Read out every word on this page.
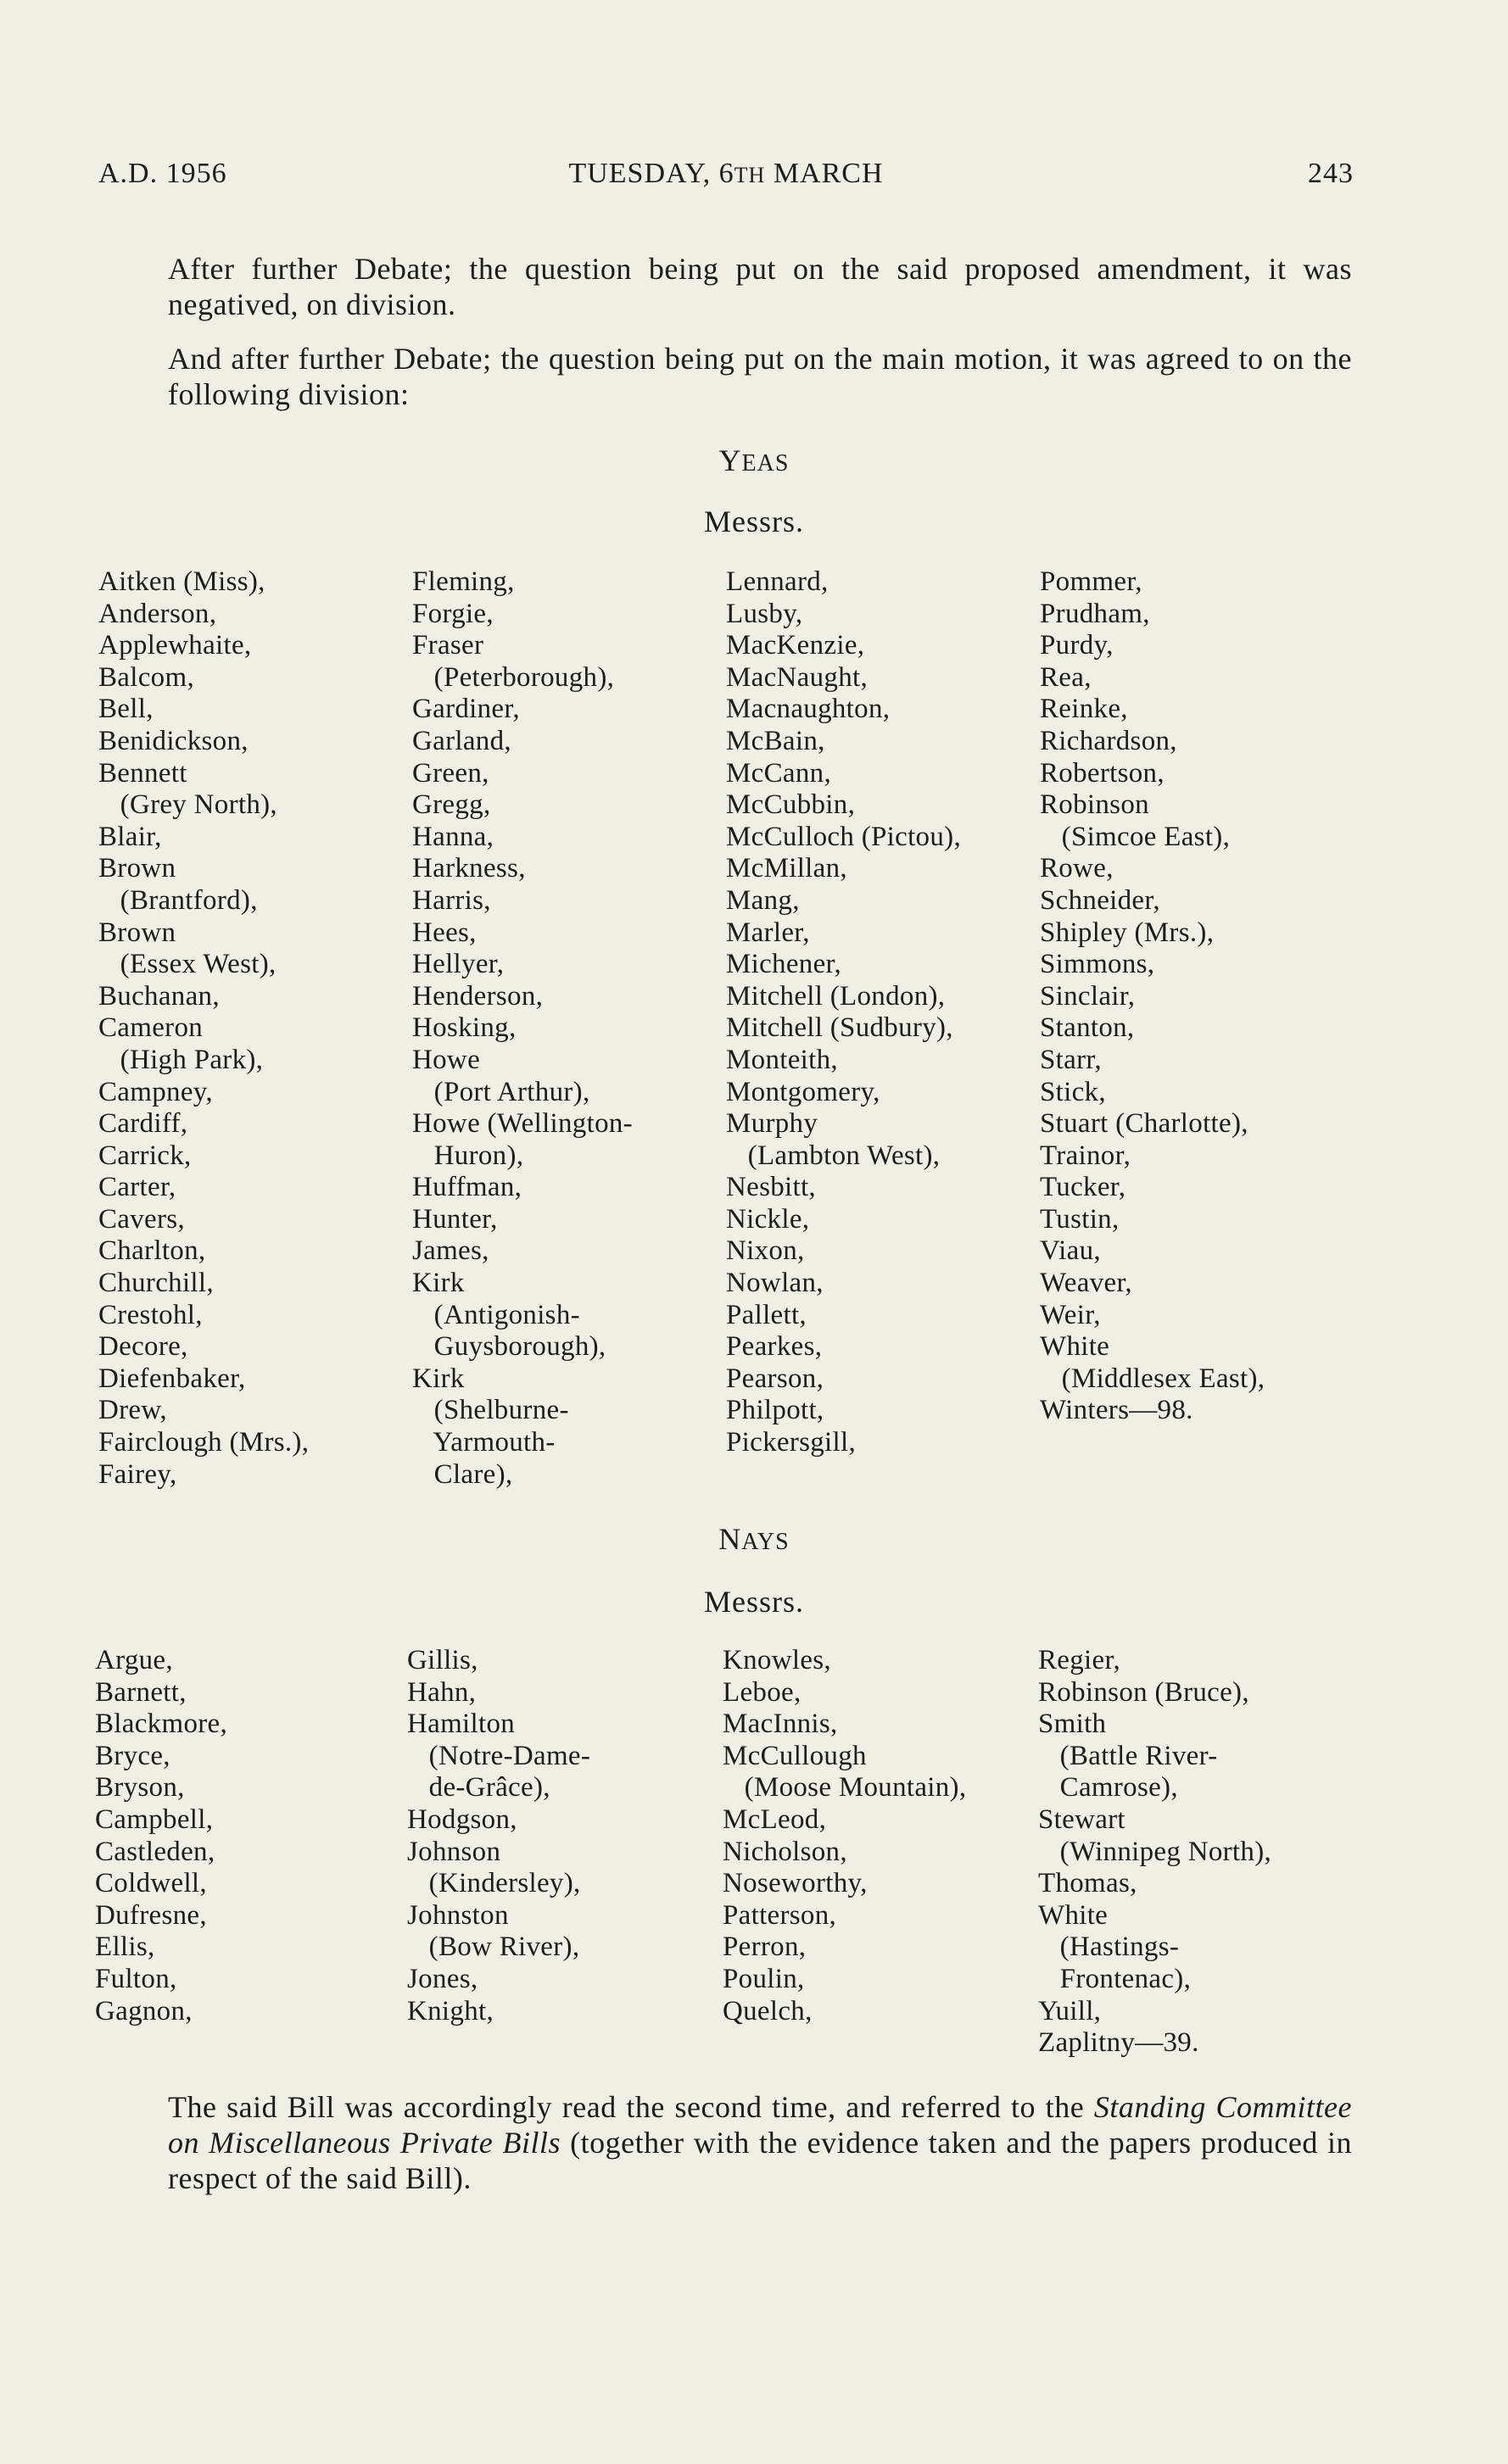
A.D. 1956	TUESDAY, 6TH MARCH	243
After further Debate; the question being put on the said proposed amendment, it was negatived, on division.
And after further Debate; the question being put on the main motion, it was agreed to on the following division:
YEAS
Messrs.
Aitken (Miss),
Anderson,
Applewhaite,
Balcom,
Bell,
Benidickson,
Bennett
(Grey North),
Blair,
Brown
(Brantford),
Brown
(Essex West),
Buchanan,
Cameron
(High Park),
Campney,
Cardiff,
Carrick,
Carter,
Cavers,
Charlton,
Churchill,
Crestohl,
Decore,
Diefenbaker,
Drew,
Fairclough (Mrs.),
Fairey,
Fleming,
Forgie,
Fraser
(Peterborough),
Gardiner,
Garland,
Green,
Gregg,
Hanna,
Harkness,
Harris,
Hees,
Hellyer,
Henderson,
Hosking,
Howe
(Port Arthur),
Howe (Wellington-
Huron),
Huffman,
Hunter,
James,
Kirk
(Antigonish-
Guysborough),
Kirk
(Shelburne-
Yarmouth-
Clare),
Lennard,
Lusby,
MacKenzie,
MacNaught,
Macnaughton,
McBain,
McCann,
McCubbin,
McCulloch (Pictou),
McMillan,
Mang,
Marler,
Michener,
Mitchell (London),
Mitchell (Sudbury),
Monteith,
Montgomery,
Murphy
(Lambton West),
Nesbitt,
Nickle,
Nixon,
Nowlan,
Pallett,
Pearkes,
Pearson,
Philpott,
Pickersgill,
Pommer,
Prudham,
Purdy,
Rea,
Reinke,
Richardson,
Robertson,
Robinson
(Simcoe East),
Rowe,
Schneider,
Shipley (Mrs.),
Simmons,
Sinclair,
Stanton,
Starr,
Stick,
Stuart (Charlotte),
Trainor,
Tucker,
Tustin,
Viau,
Weaver,
Weir,
White
(Middlesex East),
Winters—98.
NAYS
Messrs.
Argue,
Barnett,
Blackmore,
Bryce,
Bryson,
Campbell,
Castleden,
Coldwell,
Dufresne,
Ellis,
Fulton,
Gagnon,
Gillis,
Hahn,
Hamilton
(Notre-Dame-
de-Grâce),
Hodgson,
Johnson
(Kindersley),
Johnston
(Bow River),
Jones,
Knight,
Knowles,
Leboe,
MacInnis,
McCullough
(Moose Mountain),
McLeod,
Nicholson,
Noseworthy,
Patterson,
Perron,
Poulin,
Quelch,
Regier,
Robinson (Bruce),
Smith
(Battle River-
Camrose),
Stewart
(Winnipeg North),
Thomas,
White
(Hastings-
Frontenac),
Yuill,
Zaplitny—39.
The said Bill was accordingly read the second time, and referred to the Standing Committee on Miscellaneous Private Bills (together with the evidence taken and the papers produced in respect of the said Bill).
